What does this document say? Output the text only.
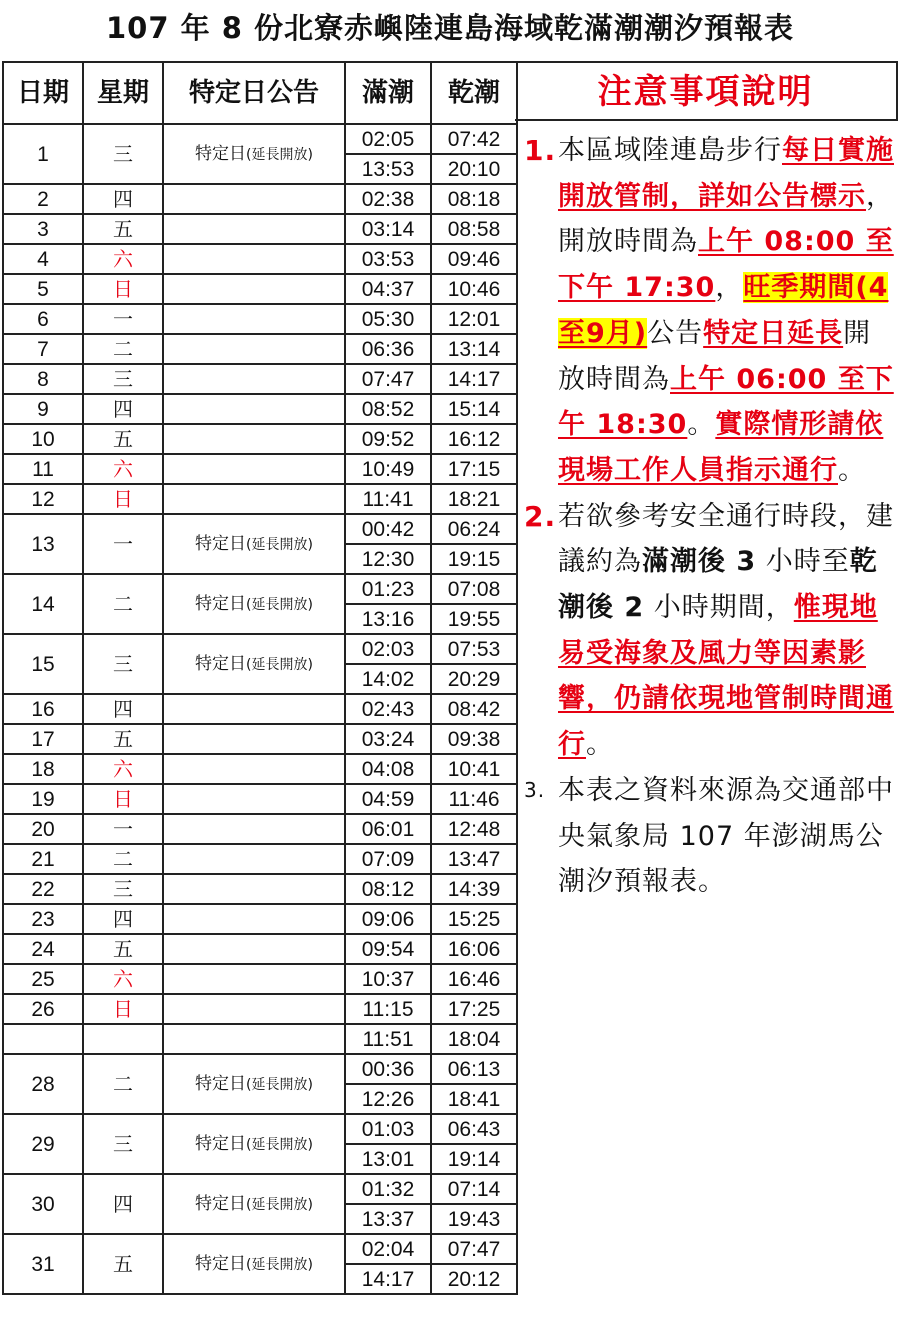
107 年 8 份北寮赤嶼陸連島海域乾滿潮潮汐預報表
日期	星期	特定日公告	滿潮	乾潮
1	三	特定日(延長開放)	02:05	07:42
			13:53	20:10
2	四		02:38	08:18
3	五		03:14	08:58
4	六		03:53	09:46
5	日		04:37	10:46
6	一		05:30	12:01
7	二		06:36	13:14
8	三		07:47	14:17
9	四		08:52	15:14
10	五		09:52	16:12
11	六		10:49	17:15
12	日		11:41	18:21
13	一	特定日(延長開放)	00:42	06:24
			12:30	19:15
14	二	特定日(延長開放)	01:23	07:08
			13:16	19:55
15	三	特定日(延長開放)	02:03	07:53
			14:02	20:29
16	四		02:43	08:42
17	五		03:24	09:38
18	六		04:08	10:41
19	日		04:59	11:46
20	一		06:01	12:48
21	二		07:09	13:47
22	三		08:12	14:39
23	四		09:06	15:25
24	五		09:54	16:06
25	六		10:37	16:46
26	日		11:15	17:25
			11:51	18:04
28	二	特定日(延長開放)	00:36	06:13
			12:26	18:41
29	三	特定日(延長開放)	01:03	06:43
			13:01	19:14
30	四	特定日(延長開放)	01:32	07:14
			13:37	19:43
31	五	特定日(延長開放)	02:04	07:47
			14:17	20:12
注意事項說明
1. 本區域陸連島步行每日實施開放管制，詳如公告標示，開放時間為上午 08:00 至下午 17:30，旺季期間(4至9月)公告特定日延長開放時間為上午 06:00 至下午 18:30。實際情形請依現場工作人員指示通行。
2. 若欲參考安全通行時段，建議約為滿潮後 3 小時至乾潮後 2 小時期間，惟現地易受海象及風力等因素影響，仍請依現地管制時間通行。
3. 本表之資料來源為交通部中央氣象局 107 年澎湖馬公潮汐預報表。
